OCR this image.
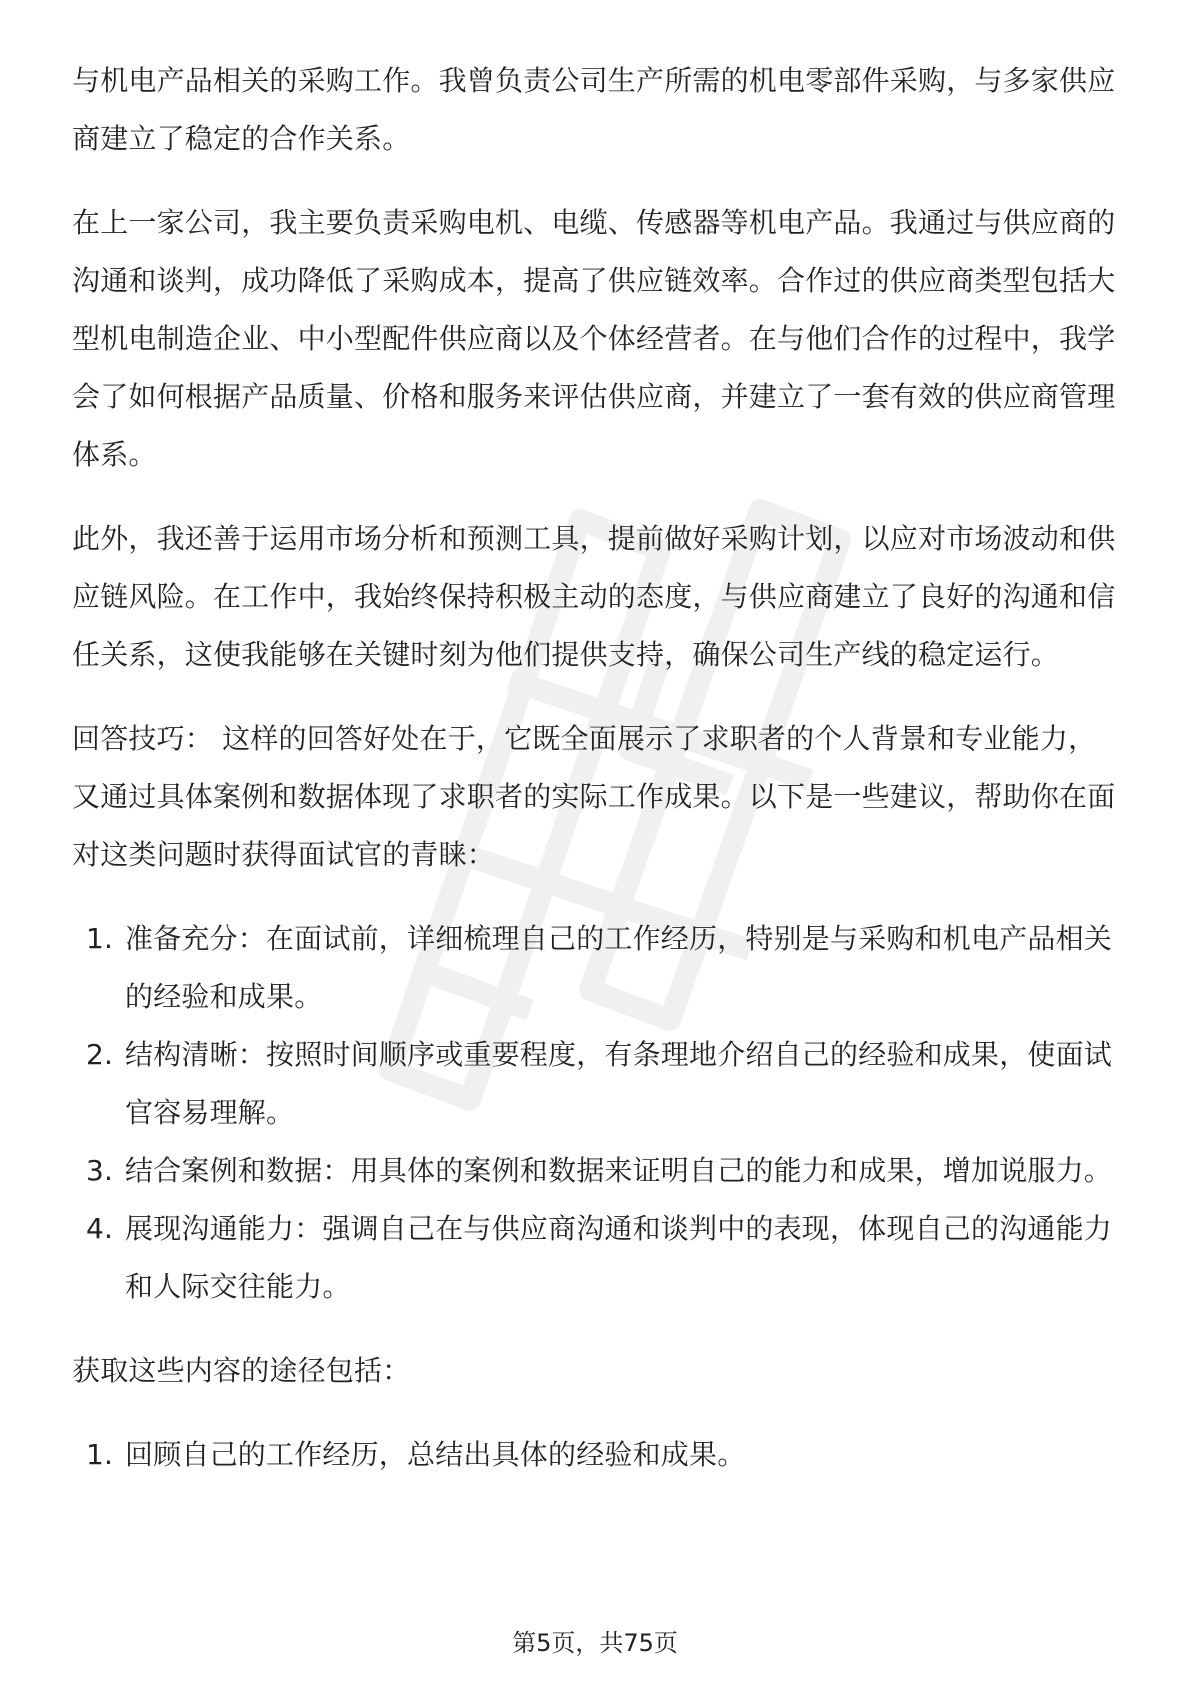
与机电产品相关的采购工作。我曾负责公司生产所需的机电零部件采购，与多家供应商建立了稳定的合作关系。

在上一家公司，我主要负责采购电机、电缆、传感器等机电产品。我通过与供应商的沟通和谈判，成功降低了采购成本，提高了供应链效率。合作过的供应商类型包括大型机电制造企业、中小型配件供应商以及个体经营者。在与他们合作的过程中，我学会了如何根据产品质量、价格和服务来评估供应商，并建立了一套有效的供应商管理体系。

此外，我还善于运用市场分析和预测工具，提前做好采购计划，以应对市场波动和供应链风险。在工作中，我始终保持积极主动的态度，与供应商建立了良好的沟通和信任关系，这使我能够在关键时刻为他们提供支持，确保公司生产线的稳定运行。

回答技巧： 这样的回答好处在于，它既全面展示了求职者的个人背景和专业能力，又通过具体案例和数据体现了求职者的实际工作成果。以下是一些建议，帮助你在面对这类问题时获得面试官的青睐：

1. 准备充分：在面试前，详细梳理自己的工作经历，特别是与采购和机电产品相关的经验和成果。
2. 结构清晰：按照时间顺序或重要程度，有条理地介绍自己的经验和成果，使面试官容易理解。
3. 结合案例和数据：用具体的案例和数据来证明自己的能力和成果，增加说服力。
4. 展现沟通能力：强调自己在与供应商沟通和谈判中的表现，体现自己的沟通能力和人际交往能力。

获取这些内容的途径包括：

1. 回顾自己的工作经历，总结出具体的经验和成果。
第5页，共75页
